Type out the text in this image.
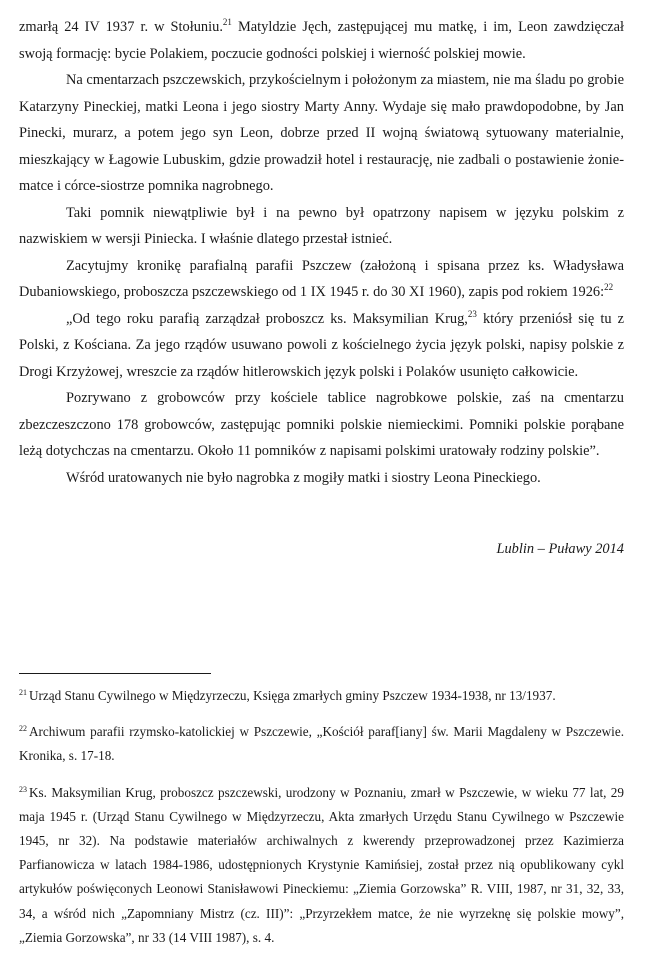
zmarłą 24 IV 1937 r. w Stołuniu.$^{21}$ Matyldzie Jęch, zastępującej mu matkę, i im, Leon zawdzięczał swoją formację: bycie Polakiem, poczucie godności polskiej i wierność polskiej mowie.

Na cmentarzach pszczewskich, przykościelnym i położonym za miastem, nie ma śladu po grobie Katarzyny Pineckiej, matki Leona i jego siostry Marty Anny. Wydaje się mało prawdopodobne, by Jan Pinecki, murarz, a potem jego syn Leon, dobrze przed II wojną światową sytuowany materialnie, mieszkający w Łagowie Lubuskim, gdzie prowadził hotel i restaurację, nie zadbali o postawienie żonie-matce i córce-siostrze pomnika nagrobnego.

Taki pomnik niewątpliwie był i na pewno był opatrzony napisem w języku polskim z nazwiskiem w wersji Piniecka. I właśnie dlatego przestał istnieć.

Zacytujmy kronikę parafialną parafii Pszczew (założoną i spisana przez ks. Władysława Dubaniowskiego, proboszcza pszczewskiego od 1 IX 1945 r. do 30 XI 1960), zapis pod rokiem 1926:$^{22}$

„Od tego roku parafią zarządzał proboszcz ks. Maksymilian Krug,$^{23}$ który przeniósł się tu z Polski, z Kościana. Za jego rządów usuwano powoli z kościelnego życia język polski, napisy polskie z Drogi Krzyżowej, wreszcie za rządów hitlerowskich język polski i Polaków usunięto całkowicie.

Pozrywano z grobowców przy kościele tablice nagrobkowe polskie, zaś na cmentarzu zbezczeszczono 178 grobowców, zastępując pomniki polskie niemieckimi. Pomniki polskie porąbane leżą dotychczas na cmentarzu. Około 11 pomników z napisami polskimi uratowały rodziny polskie”.

Wśród uratowanych nie było nagrobka z mogiły matki i siostry Leona Pineckiego.

Lublin – Puławy 2014

$^{21}$ Urząd Stanu Cywilnego w Międzyrzeczu, Księga zmarłych gminy Pszczew 1934-1938, nr 13/1937.

$^{22}$ Archiwum parafii rzymsko-katolickiej w Pszczewie, „Kościół paraf[iany] św. Marii Magdaleny w Pszczewie. Kronika, s. 17-18.

$^{23}$ Ks. Maksymilian Krug, proboszcz pszczewski, urodzony w Poznaniu, zmarł w Pszczewie, w wieku 77 lat, 29 maja 1945 r. (Urząd Stanu Cywilnego w Międzyrzeczu, Akta zmarłych Urzędu Stanu Cywilnego w Pszczewie 1945, nr 32). Na podstawie materiałów archiwalnych z kwerendy przeprowadzonej przez Kazimierza Parfianowicza w latach 1984-1986, udostępnionych Krystynie Kamińsiej, został przez nią opublikowany cykl artykułów poświęconych Leonowi Stanisławowi Pineckiemu: „Ziemia Gorzowska” R. VIII, 1987, nr 31, 32, 33, 34, a wśród nich „Zapomniany Mistrz (cz. III)”: „Przyrzekłem matce, że nie wyrzeknę się polskie mowy”, „Ziemia Gorzowska”, nr 33 (14 VIII 1987), s. 4.
